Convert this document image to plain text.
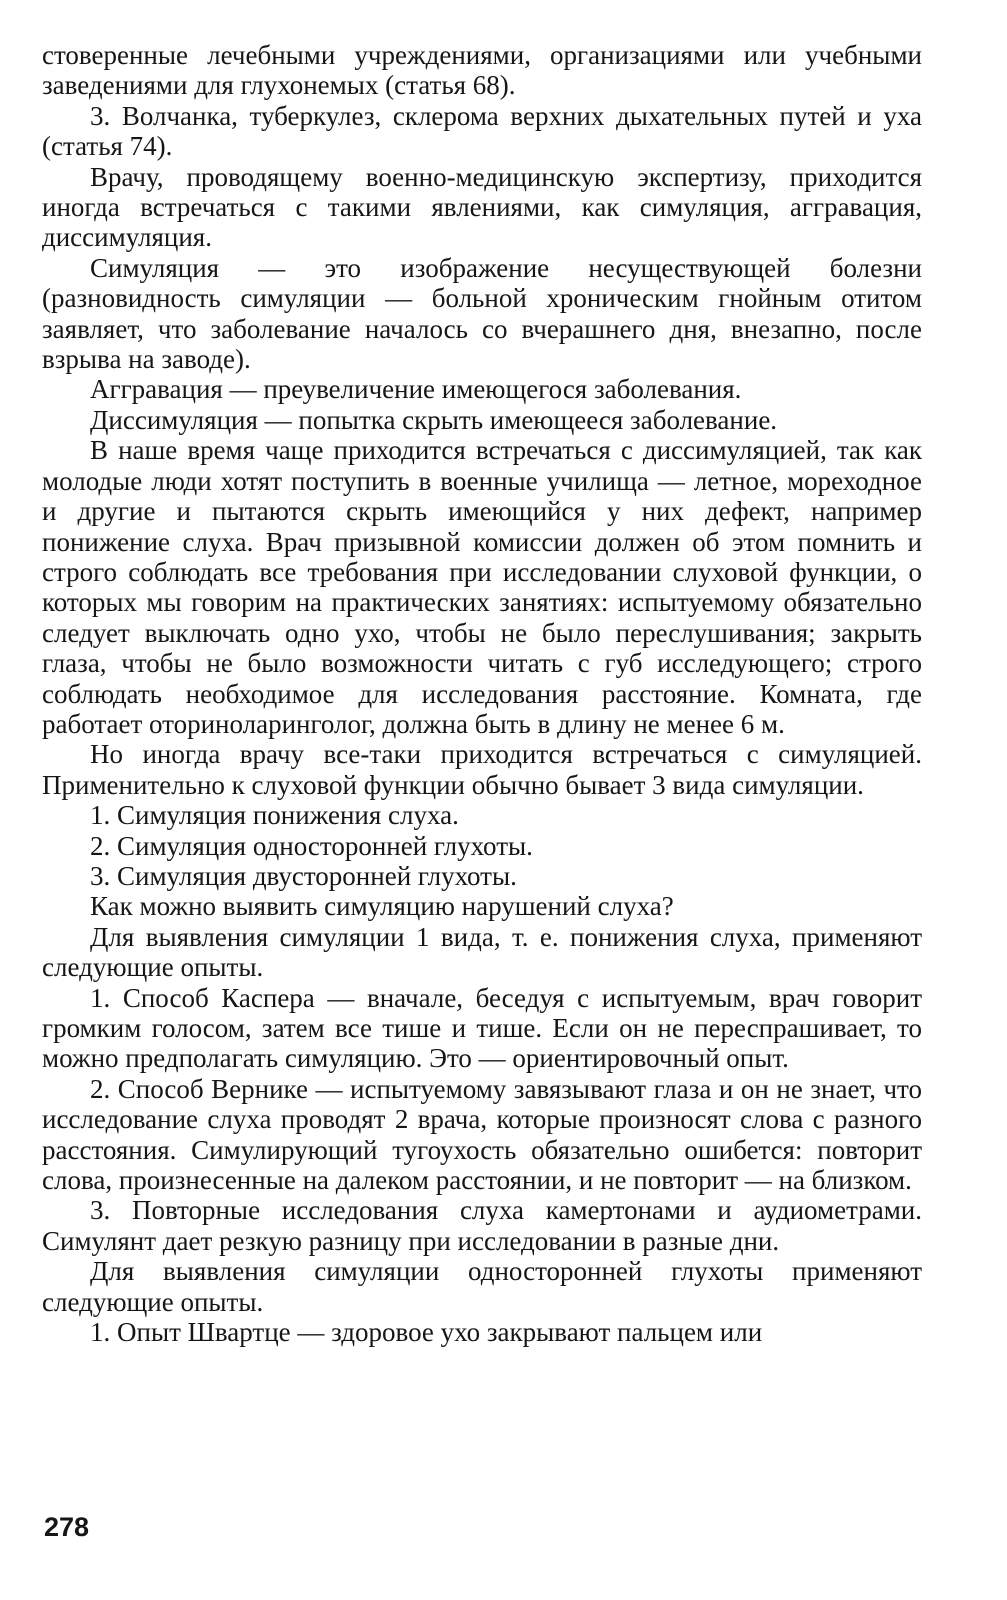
стоверенные лечебными учреждениями, организациями или учебными заведениями для глухонемых (статья 68).

3. Волчанка, туберкулез, склерома верхних дыхательных путей и уха (статья 74).

Врачу, проводящему военно-медицинскую экспертизу, приходится иногда встречаться с такими явлениями, как симуляция, аггравация, диссимуляция.

Симуляция — это изображение несуществующей болезни (разновидность симуляции — больной хроническим гнойным отитом заявляет, что заболевание началось со вчерашнего дня, внезапно, после взрыва на заводе).

Аггравация — преувеличение имеющегося заболевания.

Диссимуляция — попытка скрыть имеющееся заболевание.

В наше время чаще приходится встречаться с диссимуляцией, так как молодые люди хотят поступить в военные училища — летное, мореходное и другие и пытаются скрыть имеющийся у них дефект, например понижение слуха. Врач призывной комиссии должен об этом помнить и строго соблюдать все требования при исследовании слуховой функции, о которых мы говорим на практических занятиях: испытуемому обязательно следует выключать одно ухо, чтобы не было переслушивания; закрыть глаза, чтобы не было возможности читать с губ исследующего; строго соблюдать необходимое для исследования расстояние. Комната, где работает оториноларинголог, должна быть в длину не менее 6 м.

Но иногда врачу все-таки приходится встречаться с симуляцией. Применительно к слуховой функции обычно бывает 3 вида симуляции.

1. Симуляция понижения слуха.

2. Симуляция односторонней глухоты.

3. Симуляция двусторонней глухоты.

Как можно выявить симуляцию нарушений слуха?

Для выявления симуляции 1 вида, т. е. понижения слуха, применяют следующие опыты.

1. Способ Каспера — вначале, беседуя с испытуемым, врач говорит громким голосом, затем все тише и тише. Если он не переспрашивает, то можно предполагать симуляцию. Это — ориентировочный опыт.

2. Способ Вернике — испытуемому завязывают глаза и он не знает, что исследование слуха проводят 2 врача, которые произносят слова с разного расстояния. Симулирующий тугоухость обязательно ошибется: повторит слова, произнесенные на далеком расстоянии, и не повторит — на близком.

3. Повторные исследования слуха камертонами и аудиометрами. Симулянт дает резкую разницу при исследовании в разные дни.

Для выявления симуляции односторонней глухоты применяют следующие опыты.

1. Опыт Швартце — здоровое ухо закрывают пальцем или

278
